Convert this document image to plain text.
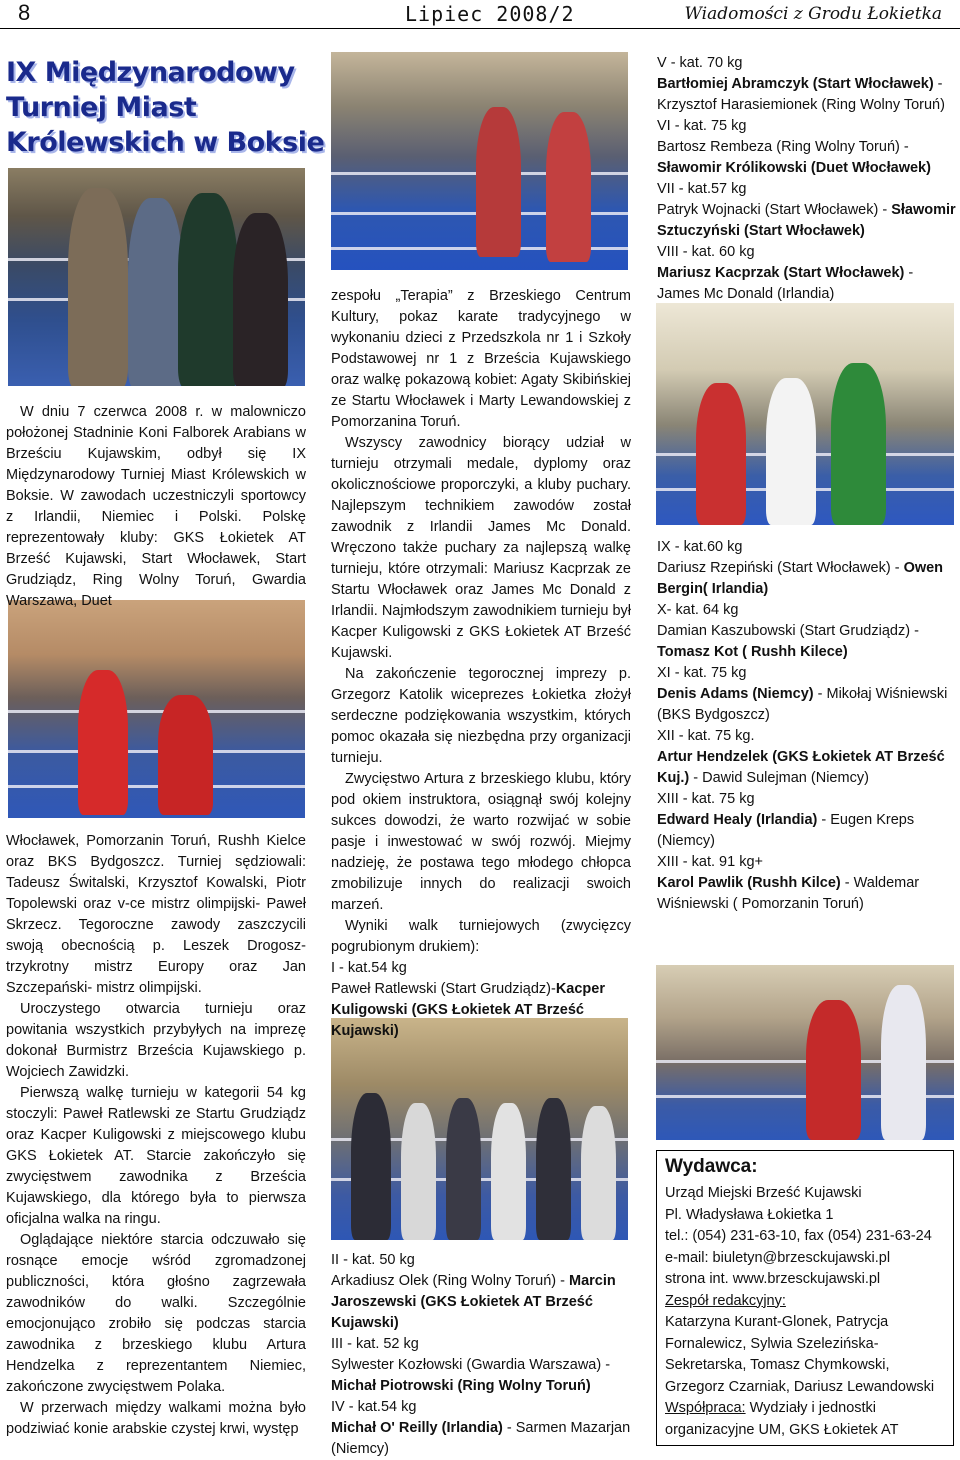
8	Lipiec 2008/2	Wiadomości z Grodu Łokietka
IX Międzynarodowy
Turniej Miast
Królewskich w Boksie

W dniu 7 czerwca 2008 r. w malowniczo położonej Stadninie Koni Falborek Arabians w Brześciu Kujawskim, odbył się IX Międzynarodowy Turniej Miast Królewskich w Boksie. W zawodach uczestniczyli sportowcy z Irlandii, Niemiec i Polski. Polskę reprezentowały kluby: GKS Łokietek AT Brześć Kujawski, Start Włocławek, Start Grudziądz, Ring Wolny Toruń, Gwardia Warszawa, Duet

Włocławek, Pomorzanin Toruń, Rushh Kielce oraz BKS Bydgoszcz. Turniej sędziowali: Tadeusz Świtalski, Krzysztof Kowalski, Piotr Topolewski oraz v-ce mistrz olimpijski- Paweł Skrzecz. Tegoroczne zawody zaszczycili swoją obecnością p. Leszek Drogosz- trzykrotny mistrz Europy oraz Jan Szczepański- mistrz olimpijski.

Uroczystego otwarcia turnieju oraz powitania wszystkich przybyłych na imprezę dokonał Burmistrz Brześcia Kujawskiego p. Wojciech Zawidzki.

Pierwszą walkę turnieju w kategorii 54 kg stoczyli: Paweł Ratlewski ze Startu Grudziądz oraz Kacper Kuligowski z miejscowego klubu GKS Łokietek AT. Starcie zakończyło się zwycięstwem zawodnika z Brześcia Kujawskiego, dla którego była to pierwsza oficjalna walka na ringu.

Oglądające niektóre starcia odczuwało się rosnące emocje wśród zgromadzonej publiczności, która głośno zagrzewała zawodników do walki. Szczególnie emocjonująco zrobiło się podczas starcia zawodnika z brzeskiego klubu Artura Hendzelka z reprezentantem Niemiec, zakończone zwycięstwem Polaka.

W przerwach między walkami można było podziwiać konie arabskie czystej krwi, występ

zespołu „Terapia” z Brzeskiego Centrum Kultury, pokaz karate tradycyjnego w wykonaniu dzieci z Przedszkola nr 1 i Szkoły Podstawowej nr 1 z Brześcia Kujawskiego oraz walkę pokazową kobiet: Agaty Skibińskiej ze Startu Włocławek i Marty Lewandowskiej z Pomorzanina Toruń.

Wszyscy zawodnicy biorący udział w turnieju otrzymali medale, dyplomy oraz okolicznościowe proporczyki, a kluby puchary. Najlepszym technikiem zawodów został zawodnik z Irlandii James Mc Donald. Wręczono także puchary za najlepszą walkę turnieju, które otrzymali: Mariusz Kacprzak ze Startu Włocławek oraz James Mc Donald z Irlandii. Najmłodszym zawodnikiem turnieju był Kacper Kuligowski z GKS Łokietek AT Brześć Kujawski.

Na zakończenie tegorocznej imprezy p. Grzegorz Katolik wiceprezes Łokietka złożył serdeczne podziękowania wszystkim, których pomoc okazała się niezbędna przy organizacji turnieju.

Zwycięstwo Artura z brzeskiego klubu, który pod okiem instruktora, osiągnął swój kolejny sukces dowodzi, że warto rozwijać w sobie pasje i inwestować w swój rozwój. Miejmy nadzieję, że postawa tego młodego chłopca zmobilizuje innych do realizacji swoich marzeń.

Wyniki walk turniejowych (zwycięzcy pogrubionym drukiem):

I - kat.54 kg
Paweł Ratlewski (Start Grudziądz)-Kacper Kuligowski (GKS Łokietek AT Brześć Kujawski)

II - kat. 50 kg
Arkadiusz Olek (Ring Wolny Toruń) - Marcin Jaroszewski (GKS Łokietek AT Brześć Kujawski)

III - kat. 52 kg
Sylwester Kozłowski (Gwardia Warszawa) - Michał Piotrowski (Ring Wolny Toruń)

IV - kat.54 kg
Michał O' Reilly (Irlandia) - Sarmen Mazarjan (Niemcy)

V - kat. 70 kg
Bartłomiej Abramczyk (Start Włocławek) - Krzysztof Harasiemionek (Ring Wolny Toruń)

VI - kat. 75 kg
Bartosz Rembeza (Ring Wolny Toruń) - Sławomir Królikowski (Duet Włocławek)

VII - kat.57 kg
Patryk Wojnacki (Start Włocławek) - Sławomir Sztuczyński (Start Włocławek)

VIII - kat. 60 kg
Mariusz Kacprzak (Start Włocławek) - James Mc Donald (Irlandia)

IX - kat.60 kg
Dariusz Rzepiński (Start Włocławek) - Owen Bergin( Irlandia)

X- kat. 64 kg
Damian Kaszubowski (Start Grudziądz) - Tomasz Kot ( Rushh Kilece)

XI - kat. 75 kg
Denis Adams (Niemcy) - Mikołaj Wiśniewski (BKS Bydgoszcz)

XII - kat. 75 kg.
Artur Hendzelek (GKS Łokietek AT Brześć Kuj.) - Dawid Sulejman (Niemcy)

XIII - kat. 75 kg
Edward Healy (Irlandia) - Eugen Kreps (Niemcy)

XIII - kat. 91 kg+
Karol Pawlik (Rushh Kilce) - Waldemar Wiśniewski ( Pomorzanin Toruń)

Wydawca:

Urząd Miejski Brześć Kujawski
Pl. Władysława Łokietka 1
tel.: (054) 231-63-10, fax (054) 231-63-24
e-mail: biuletyn@brzesckujawski.pl
strona int. www.brzesckujawski.pl
Zespół redakcyjny:
Katarzyna Kurant-Glonek, Patrycja Fornalewicz, Sylwia Szelezińska-Sekretarska, Tomasz Chymkowski, Grzegorz Czarniak, Dariusz Lewandowski
Współpraca: Wydziały i jednostki organizacyjne UM, GKS Łokietek AT
